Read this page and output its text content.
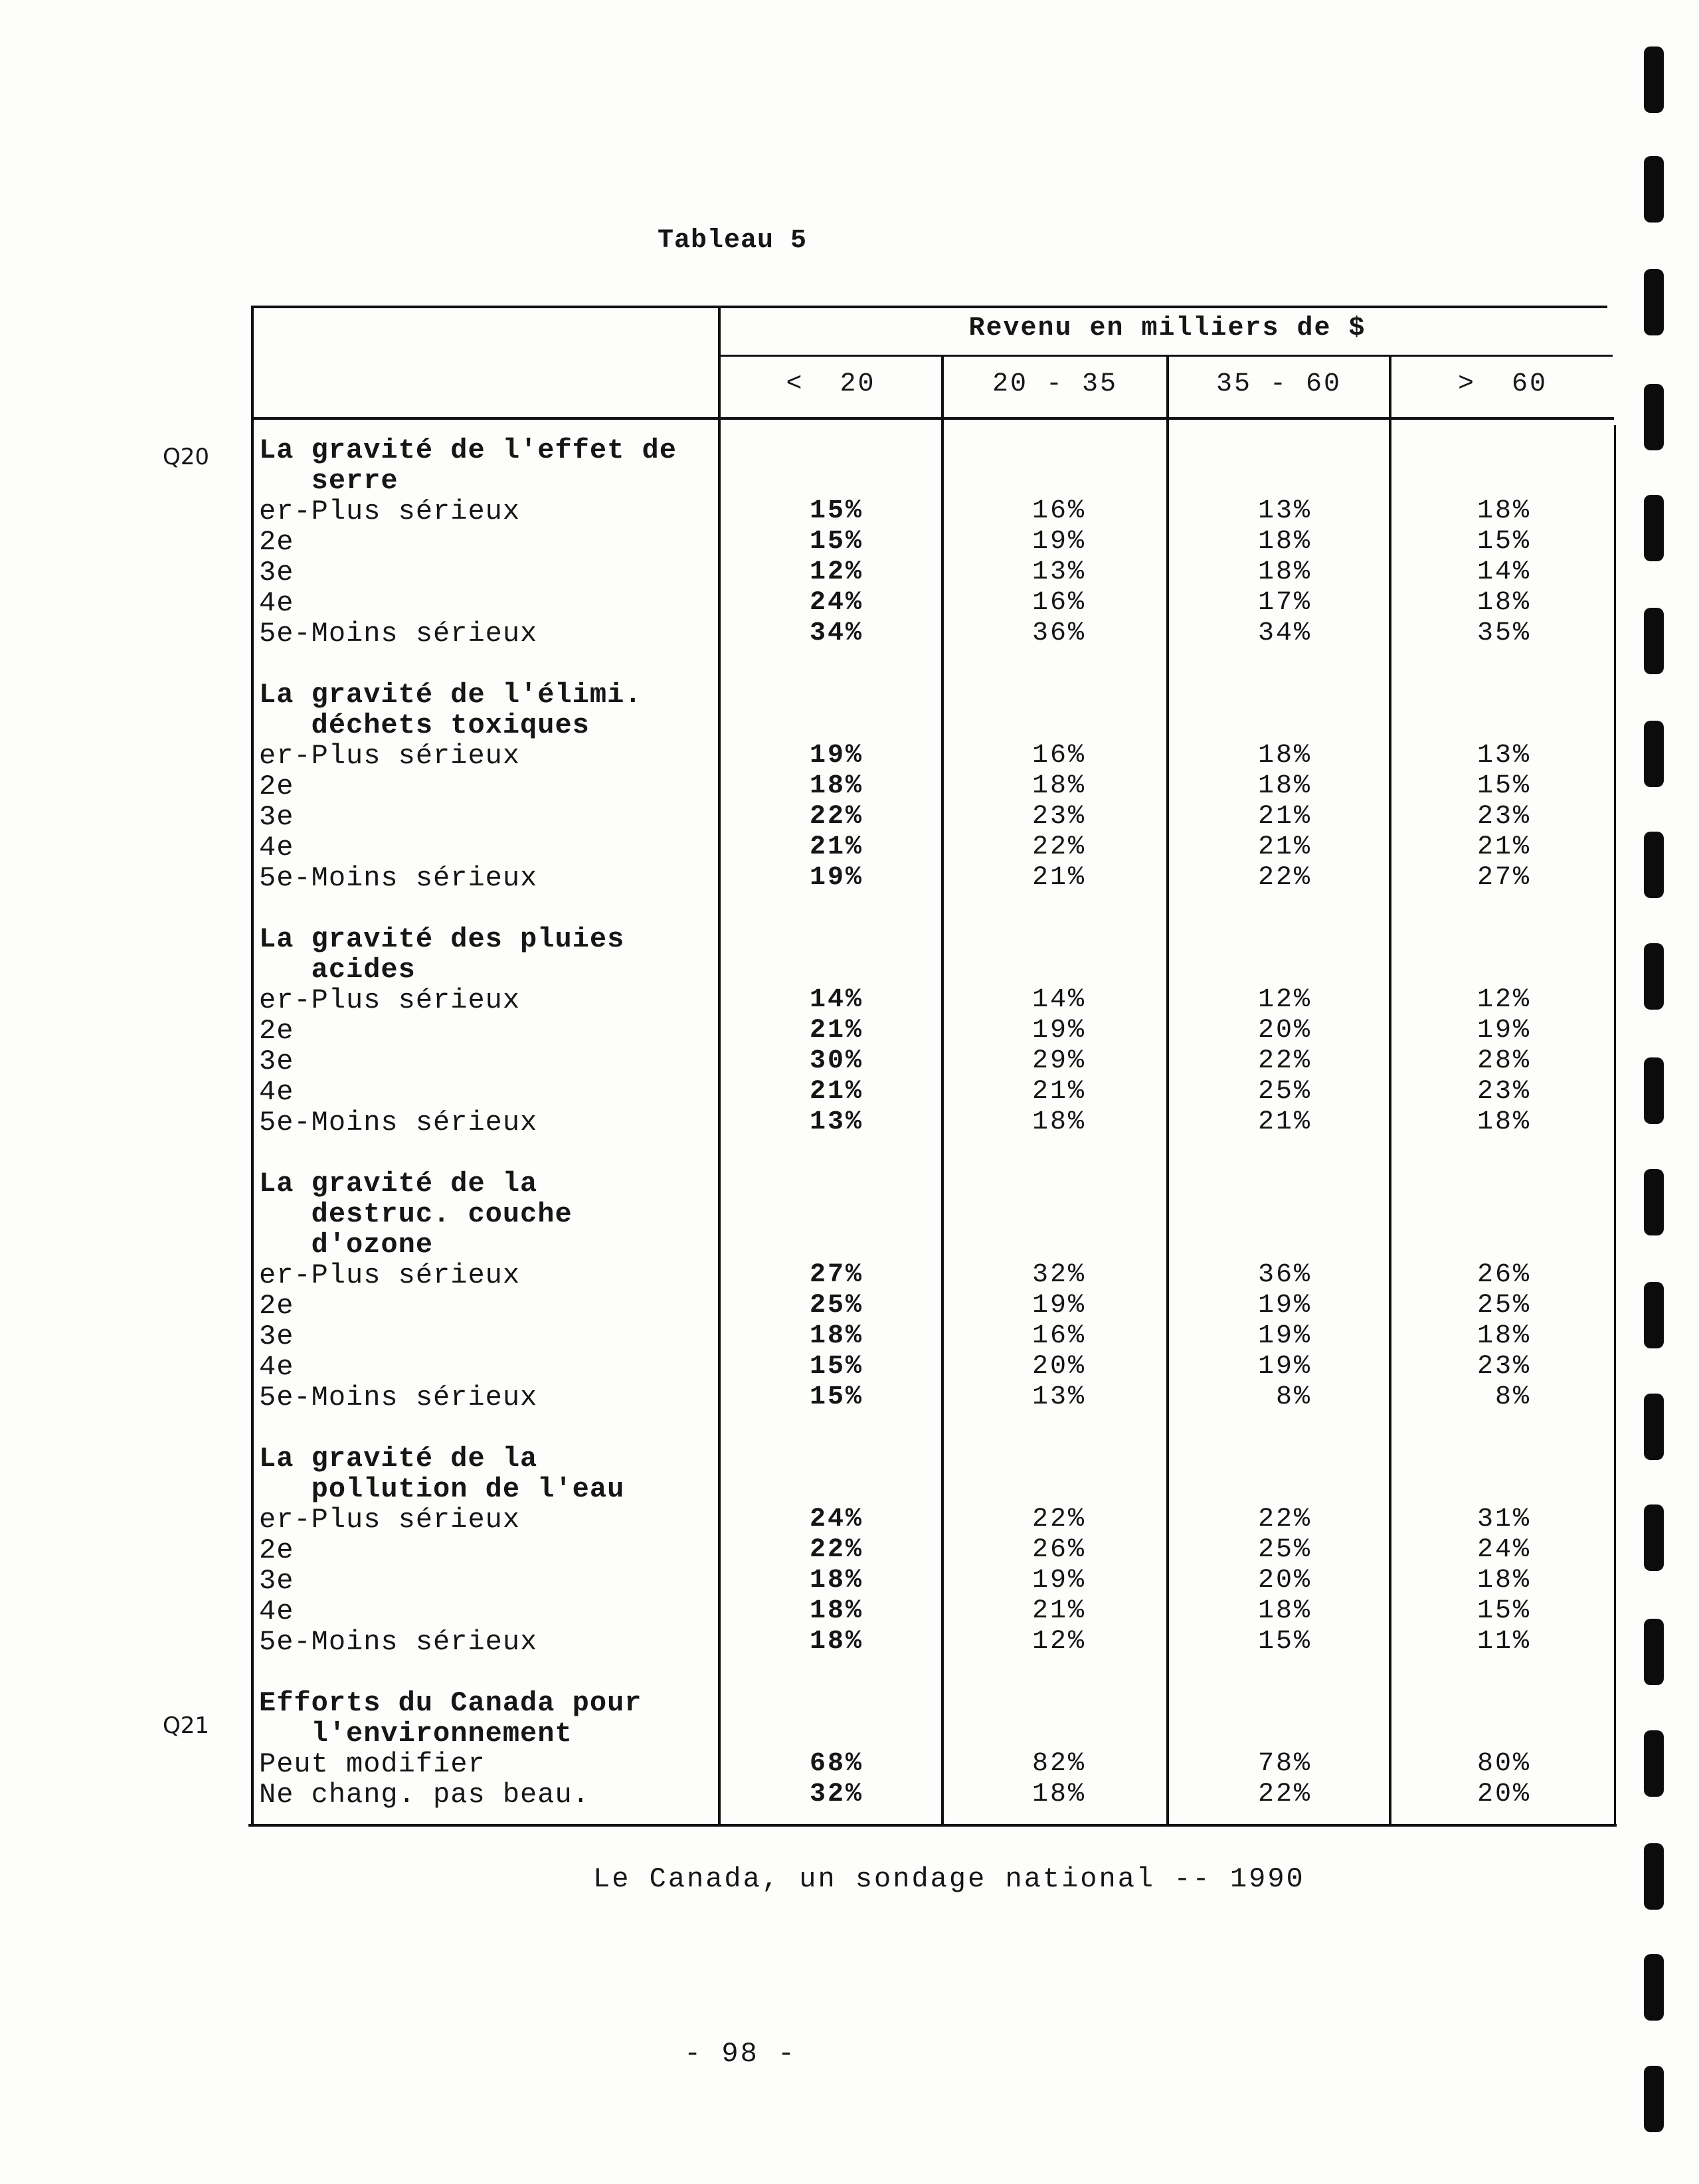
Tableau 5
Q20
Q21
Revenu en milliers de $
<  20	20 - 35	35 - 60	>  60
La gravité de l'effet de
serre
er-Plus sérieux	15%	16%	13%	18%
2e	15%	19%	18%	15%
3e	12%	13%	18%	14%
4e	24%	16%	17%	18%
5e-Moins sérieux	34%	36%	34%	35%
La gravité de l'élimi.
déchets toxiques
er-Plus sérieux	19%	16%	18%	13%
2e	18%	18%	18%	15%
3e	22%	23%	21%	23%
4e	21%	22%	21%	21%
5e-Moins sérieux	19%	21%	22%	27%
La gravité des pluies
acides
er-Plus sérieux	14%	14%	12%	12%
2e	21%	19%	20%	19%
3e	30%	29%	22%	28%
4e	21%	21%	25%	23%
5e-Moins sérieux	13%	18%	21%	18%
La gravité de la
destruc. couche
d'ozone
er-Plus sérieux	27%	32%	36%	26%
2e	25%	19%	19%	25%
3e	18%	16%	19%	18%
4e	15%	20%	19%	23%
5e-Moins sérieux	15%	13%	8%	8%
La gravité de la
pollution de l'eau
er-Plus sérieux	24%	22%	22%	31%
2e	22%	26%	25%	24%
3e	18%	19%	20%	18%
4e	18%	21%	18%	15%
5e-Moins sérieux	18%	12%	15%	11%
Efforts du Canada pour
l'environnement
Peut modifier	68%	82%	78%	80%
Ne chang. pas beau.	32%	18%	22%	20%
Le Canada, un sondage national -- 1990
- 98 -
